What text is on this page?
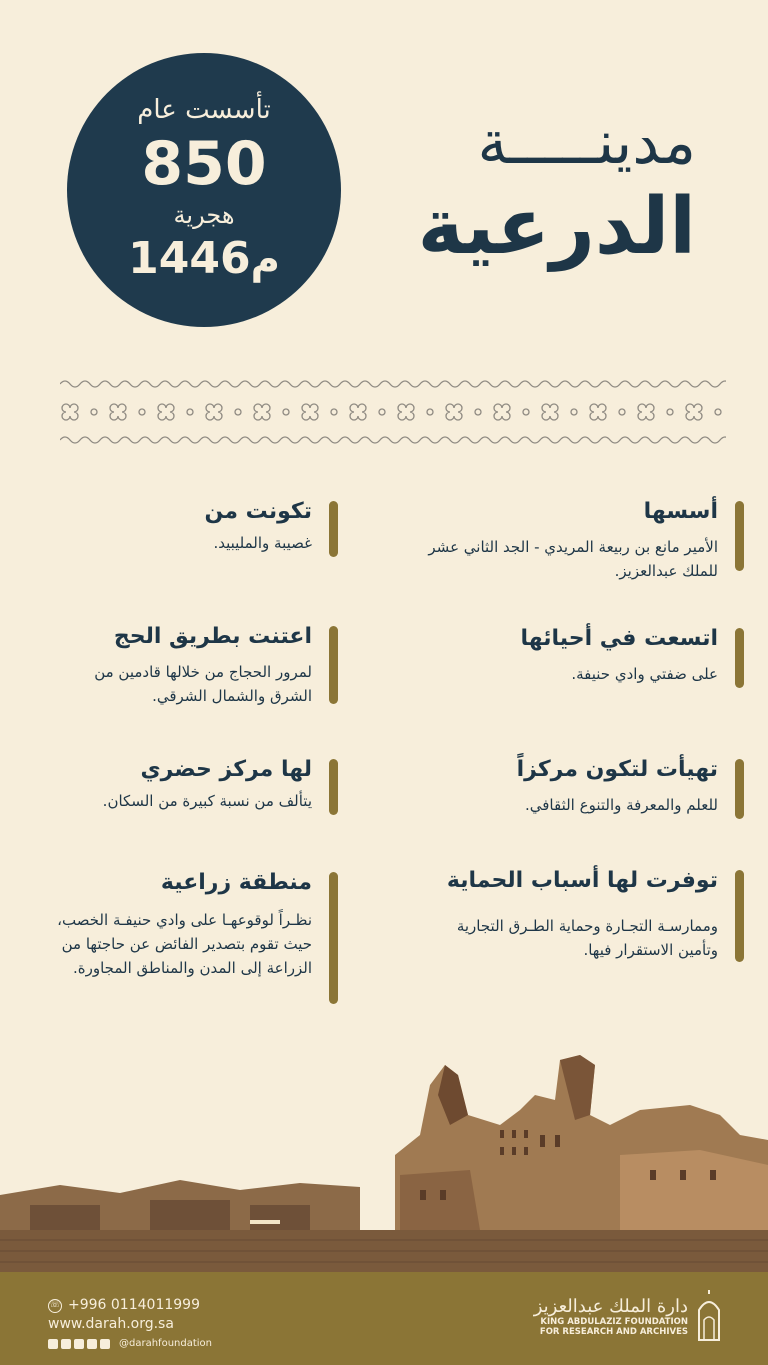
تأسست عام
850
هجرية
1446م
مدينـــــة
الدرعية
أسسها

الأمير مانع بن ربيعة المريدي - الجد الثاني عشر للملك عبدالعزيز.

اتسعت في أحيائها

على ضفتي وادي حنيفة.

تهيأت لتكون مركزاً

للعلم والمعرفة والتنوع الثقافي.

توفرت لها أسباب الحماية

وممارسـة التجـارة وحماية الطـرق التجارية وتأمين الاستقرار فيها.

تكونت من

غصيبة والمليبيد.

اعتنت بطريق الحج

لمرور الحجاج من خلالها قادمين من الشرق والشمال الشرقي.

لها مركز حضري

يتألف من نسبة كبيرة من السكان.

منطقة زراعية

نظـراً لوقوعهـا على وادي حنيفـة الخصب، حيث تقوم بتصدير الفائض عن حاجتها من الزراعة إلى المدن والمناطق المجاورة.

☏ +996 0114011999
www.darah.org.sa
@darahfoundation
دارة الملك عبدالعزيز
KING ABDULAZIZ FOUNDATION
FOR RESEARCH AND ARCHIVES
